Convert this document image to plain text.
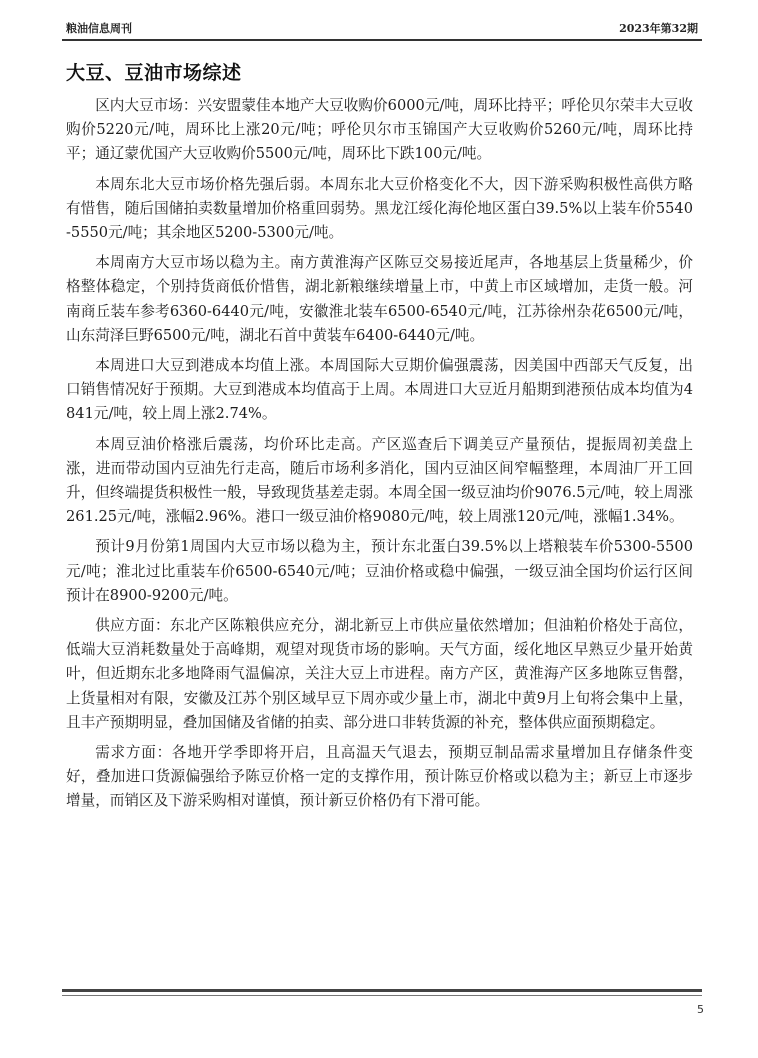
粮油信息周刊	2023年第32期
大豆、豆油市场综述

区内大豆市场：兴安盟蒙佳本地产大豆收购价6000元/吨，周环比持平；呼伦贝尔荣丰大豆收购价5220元/吨，周环比上涨20元/吨；呼伦贝尔市玉锦国产大豆收购价5260元/吨，周环比持平；通辽蒙优国产大豆收购价5500元/吨，周环比下跌100元/吨。

本周东北大豆市场价格先强后弱。本周东北大豆价格变化不大，因下游采购积极性高供方略有惜售，随后国储拍卖数量增加价格重回弱势。黑龙江绥化海伦地区蛋白39.5%以上装车价5540-5550元/吨；其余地区5200-5300元/吨。

本周南方大豆市场以稳为主。南方黄淮海产区陈豆交易接近尾声，各地基层上货量稀少，价格整体稳定，个别持货商低价惜售，湖北新粮继续增量上市，中黄上市区域增加，走货一般。河南商丘装车参考6360-6440元/吨，安徽淮北装车6500-6540元/吨，江苏徐州杂花6500元/吨，山东菏泽巨野6500元/吨，湖北石首中黄装车6400-6440元/吨。

本周进口大豆到港成本均值上涨。本周国际大豆期价偏强震荡，因美国中西部天气反复，出口销售情况好于预期。大豆到港成本均值高于上周。本周进口大豆近月船期到港预估成本均值为4841元/吨，较上周上涨2.74%。

本周豆油价格涨后震荡，均价环比走高。产区巡查后下调美豆产量预估，提振周初美盘上涨，进而带动国内豆油先行走高，随后市场利多消化，国内豆油区间窄幅整理，本周油厂开工回升，但终端提货积极性一般，导致现货基差走弱。本周全国一级豆油均价9076.5元/吨，较上周涨261.25元/吨，涨幅2.96%。港口一级豆油价格9080元/吨，较上周涨120元/吨，涨幅1.34%。

预计9月份第1周国内大豆市场以稳为主，预计东北蛋白39.5%以上塔粮装车价5300-5500元/吨；淮北过比重装车价6500-6540元/吨；豆油价格或稳中偏强，一级豆油全国均价运行区间预计在8900-9200元/吨。

供应方面：东北产区陈粮供应充分，湖北新豆上市供应量依然增加；但油粕价格处于高位，低端大豆消耗数量处于高峰期，观望对现货市场的影响。天气方面，绥化地区早熟豆少量开始黄叶，但近期东北多地降雨气温偏凉，关注大豆上市进程。南方产区，黄淮海产区多地陈豆售罄，上货量相对有限，安徽及江苏个别区域早豆下周亦或少量上市，湖北中黄9月上旬将会集中上量，且丰产预期明显，叠加国储及省储的拍卖、部分进口非转货源的补充，整体供应面预期稳定。

需求方面：各地开学季即将开启，且高温天气退去，预期豆制品需求量增加且存储条件变好，叠加进口货源偏强给予陈豆价格一定的支撑作用，预计陈豆价格或以稳为主；新豆上市逐步增量，而销区及下游采购相对谨慎，预计新豆价格仍有下滑可能。

5
